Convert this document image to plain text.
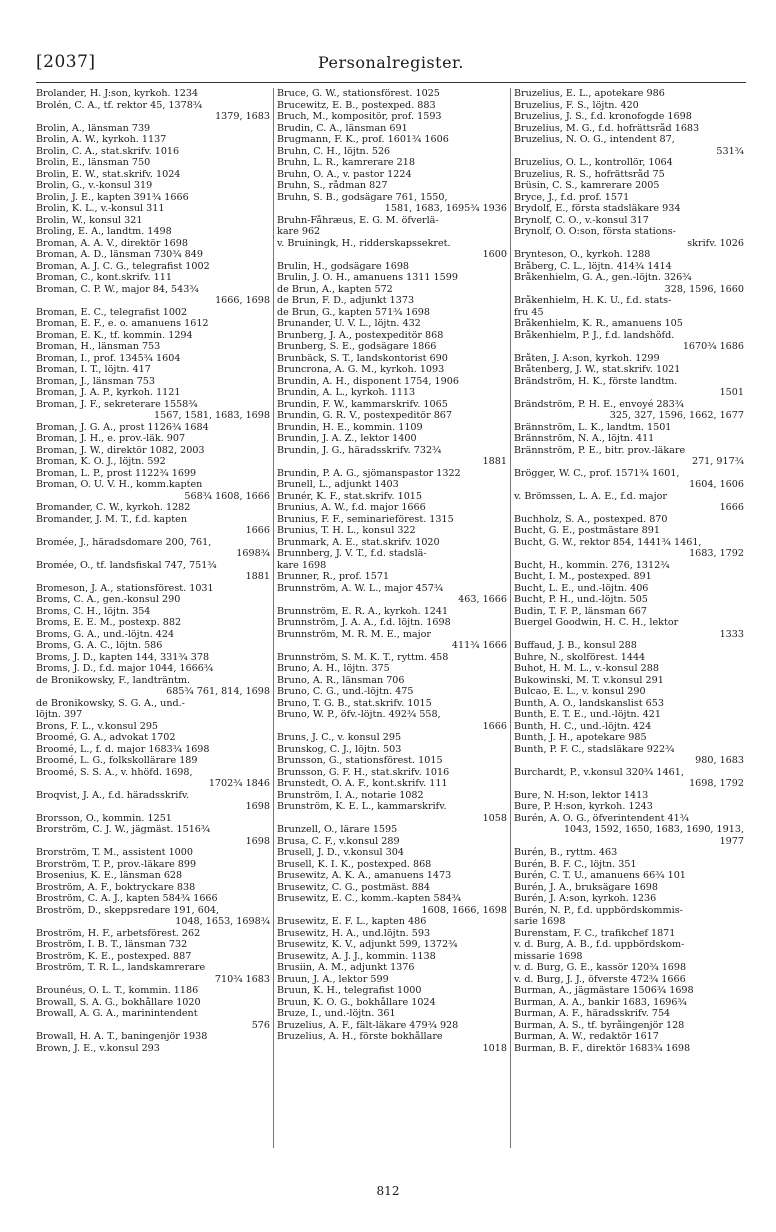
[2037]	Personalregister.
Brolander, H. J:son, kyrkoh. 1234
Brolén, C. A., tf. rektor 45, 1378¾
1379, 1683
Brolin, A., länsman 739
Brolin, A. W., kyrkoh. 1137
Brolin, C. A., stat.skrifv. 1016
Brolin, E., länsman 750
Brolin, E. W., stat.skrifv. 1024
Brolin, G., v.-konsul 319
Brolin, J. E., kapten 391¾ 1666
Brolin, K. L., v.-konsul 311
Brolin, W., konsul 321
Broling, E. A., landtm. 1498
Broman, A. A. V., direktör 1698
Broman, A. D., länsman 730¾ 849
Broman, A. J. C. G., telegrafist 1002
Broman, C., kont.skrifv. 111
Broman, C. P. W., major 84, 543¾
1666, 1698
Broman, E. C., telegrafist 1002
Broman, E. F., e. o. amanuens 1612
Broman, E. K., tf. kommin. 1294
Broman, H., länsman 753
Broman, I., prof. 1345¾ 1604
Broman, I. T., löjtn. 417
Broman, J., länsman 753
Broman, J. A. P., kyrkoh. 1121
Broman, J. F., sekreterare 1558¾
1567, 1581, 1683, 1698
Broman, J. G. A., prost 1126¾ 1684
Broman, J. H., e. prov.-läk. 907
Broman, J. W., direktör 1082, 2003
Broman, K. O. J., löjtn. 592
Broman, L. P., prost 1122¾ 1699
Broman, O. U. V. H., komm.kapten
568¾ 1608, 1666
Bromander, C. W., kyrkoh. 1282
Bromander, J. M. T., f.d. kapten
1666
Bromée, J., häradsdomare 200, 761,
1698¾
Bromée, O., tf. landsfiskal 747, 751¾
1881
Bromeson, J. A., stationsförest. 1031
Broms, C. A., gen.-konsul 290
Broms, C. H., löjtn. 354
Broms, E. E. M., postexp. 882
Broms, G. A., und.-löjtn. 424
Broms, G. A. C., löjtn. 586
Broms, J. D., kapten 144, 331¾ 378
Broms, J. D., f.d. major 1044, 1666¾
de Bronikowsky, F., landträntm.
685¾ 761, 814, 1698
de Bronikowsky, S. G. A., und.-
löjtn. 397
Brons, F. L., v.konsul 295
Broomé, G. A., advokat 1702
Broomé, L., f. d. major 1683¾ 1698
Broomé, L. G., folkskollärare 189
Broomé, S. S. A., v. hhöfd. 1698,
1702¾ 1846
Broqvist, J. A., f.d. häradsskrifv.
1698
Brorsson, O., kommin. 1251
Brorström, C. J. W., jägmäst. 1516¾
1698
Brorström, T. M., assistent 1000
Brorström, T. P., prov.-läkare 899
Brosenius, K. E., länsman 628
Broström, A. F., boktryckare 838
Broström, C. A. J., kapten 584¾ 1666
Broström, D., skeppsredare 191, 604,
1048, 1653, 1698¾
Broström, H. F., arbetsförest. 262
Broström, I. B. T., länsman 732
Broström, K. E., postexped. 887
Broström, T. R. L., landskamrerare
710¾ 1683
Brounéus, O. L. T., kommin. 1186
Browall, S. A. G., bokhållare 1020
Browall, A. G. A., marinintendent
576
Browall, H. A. T., baningenjör 1938
Brown, J. E., v.konsul 293
Bruce, G. W., stationsförest. 1025
Brucewitz, E. B., postexped. 883
Bruch, M., kompositör, prof. 1593
Brudin, C. A., länsman 691
Brugmann, F. K., prof. 1601¾ 1606
Bruhn, C. H., löjtn. 526
Bruhn, L. R., kamrerare 218
Bruhn, O. A., v. pastor 1224
Bruhn, S., rådman 827
Bruhn, S. B., godsägare 761, 1550,
1581, 1683, 1695¾ 1936
Bruhn-Fåhræus, E. G. M. öfverlä-
kare 962
v. Bruiningk, H., ridderskapssekret.
1600
Brulin, H., godsägare 1698
Brulin, J. O. H., amanuens 1311 1599
de Brun, A., kapten 572
de Brun, F. D., adjunkt 1373
de Brun, G., kapten 571¾ 1698
Brunander, U. V. L., löjtn. 432
Brunberg, J. A., postexpeditör 868
Brunberg, S. E., godsägare 1866
Brunbäck, S. T., landskontorist 690
Bruncrona, A. G. M., kyrkoh. 1093
Brundin, A. H., disponent 1754, 1906
Brundin, A. L., kyrkoh. 1113
Brundin, F. W., kammarskrifv. 1065
Brundin, G. R. V., postexpeditör 867
Brundin, H. E., kommin. 1109
Brundin, J. A. Z., lektor 1400
Brundin, J. G., häradsskrifv. 732¾
1881
Brundin, P. A. G., sjömanspastor 1322
Brunell, L., adjunkt 1403
Brunér, K. F., stat.skrifv. 1015
Brunius, A. W., f.d. major 1666
Brunius, F. F., seminarieförest. 1315
Brunius, T. H. L., konsul 322
Brunmark, A. E., stat.skrifv. 1020
Brunnberg, J. V. T., f.d. stadslä-
kare 1698
Brunner, R., prof. 1571
Brunnström, A. W. L., major 457¾
463, 1666
Brunnström, E. R. A., kyrkoh. 1241
Brunnström, J. A. A., f.d. löjtn. 1698
Brunnström, M. R. M. E., major
411¾ 1666
Brunnström, S. M. K. T., ryttm. 458
Bruno, A. H., löjtn. 375
Bruno, A. R., länsman 706
Bruno, C. G., und.-löjtn. 475
Bruno, T. G. B., stat.skrifv. 1015
Bruno, W. P., öfv.-löjtn. 492¾ 558,
1666
Bruns, J. C., v. konsul 295
Brunskog, C. J., löjtn. 503
Brunsson, G., stationsförest. 1015
Brunsson, G. F. H., stat.skrifv. 1016
Brunstedt, O. A. F., kont.skrifv. 111
Brunström, I. A., notarie 1082
Brunström, K. E. L., kammarskrifv.
1058
Brunzell, O., lärare 1595
Brusa, C. F., v.konsul 289
Brusell, J. D., v.konsul 304
Brusell, K. I. K., postexped. 868
Brusewitz, A. K. A., amanuens 1473
Brusewitz, C. G., postmäst. 884
Brusewitz, E. C., komm.-kapten 584¾
1608, 1666, 1698
Brusewitz, E. F. L., kapten 486
Brusewitz, H. A., und.löjtn. 593
Brusewitz, K. V., adjunkt 599, 1372¾
Brusewitz, A. J. J., kommin. 1138
Brusiin, A. M., adjunkt 1376
Bruun, J. A., lektor 599
Bruun, K. H., telegrafist 1000
Bruun, K. O. G., bokhållare 1024
Bruze, I., und.-löjtn. 361
Bruzelius, A. F., fält-läkare 479¾ 928
Bruzelius, A. H., förste bokhållare
1018
Bruzelius, E. L., apotekare 986
Bruzelius, F. S., löjtn. 420
Bruzelius, J. S., f.d. kronofogde 1698
Bruzelius, M. G., f.d. hofrättsråd 1683
Bruzelius, N. O. G., intendent 87,
531¾
Bruzelius, O. L., kontrollör, 1064
Bruzelius, R. S., hofrättsråd 75
Brüsin, C. S., kamrerare 2005
Bryce, J., f.d. prof. 1571
Brydolf, E., första stadsläkare 934
Brynolf, C. O., v.-konsul 317
Brynolf, O. O:son, första stations-
skrifv. 1026
Brynteson, O., kyrkoh. 1288
Bråberg, C. L., löjtn. 414¾ 1414
Bråkenhielm, G. A., gen.-löjtn. 326¾
328, 1596, 1660
Bråkenhielm, H. K. U., f.d. stats-
fru 45
Bråkenhielm, K. R., amanuens 105
Bråkenhielm, P. J., f.d. landshöfd.
1670¾ 1686
Bråten, J. A:son, kyrkoh. 1299
Bråtenberg, J. W., stat.skrifv. 1021
Brändström, H. K., förste landtm.
1501
Brändström, P. H. E., envoyé 283¾
325, 327, 1596, 1662, 1677
Brännström, L. K., landtm. 1501
Brännström, N. A., löjtn. 411
Brännström, P. E., bitr. prov.-läkare
271, 917¾
Brögger, W. C., prof. 1571¾ 1601,
1604, 1606
v. Brömssen, L. A. E., f.d. major
1666
Buchholz, S. A., postexped. 870
Bucht, G. E., postmästare 891
Bucht, G. W., rektor 854, 1441¾ 1461,
1683, 1792
Bucht, H., kommin. 276, 1312¾
Bucht, I. M., postexped. 891
Bucht, L. E., und.-löjtn. 406
Bucht, P. H., und.-löjtn. 505
Budin, T. F. P., länsman 667
Buergel Goodwin, H. C. H., lektor
1333
Buffaud, J. B., konsul 288
Buhre, N., skolförest. 1444
Buhot, H. M. L., v.-konsul 288
Bukowinski, M. T. v.konsul 291
Bulcao, E. L., v. konsul 290
Bunth, A. O., landskanslist 653
Bunth, E. T. E., und.-löjtn. 421
Bunth, H. C., und.-löjtn. 424
Bunth, J. H., apotekare 985
Bunth, P. F. C., stadsläkare 922¾
980, 1683
Burchardt, P., v.konsul 320¾ 1461,
1698, 1792
Bure, N. H:son, lektor 1413
Bure, P. H:son, kyrkoh. 1243
Burén, A. O. G., öfverintendent 41¾
1043, 1592, 1650, 1683, 1690, 1913,
1977
Burén, B., ryttm. 463
Burén, B. F. C., löjtn. 351
Burén, C. T. U., amanuens 66¾ 101
Burén, J. A., bruksägare 1698
Burén, J. A:son, kyrkoh. 1236
Burén, N. P., f.d. uppbördskommis-
sarie 1698
Burenstam, F. C., trafikchef 1871
v. d. Burg, A. B., f.d. uppbördskom-
missarie 1698
v. d. Burg, G. E., kassör 120¾ 1698
v. d. Burg, J. J., öfverste 472¾ 1666
Burman, A., jägmästare 1506¾ 1698
Burman, A. A., bankir 1683, 1696¾
Burman, A. F., häradsskrifv. 754
Burman, A. S., tf. byråingenjör 128
Burman, A. W., redaktör 1617
Burman, B. F., direktör 1683¾ 1698
812
